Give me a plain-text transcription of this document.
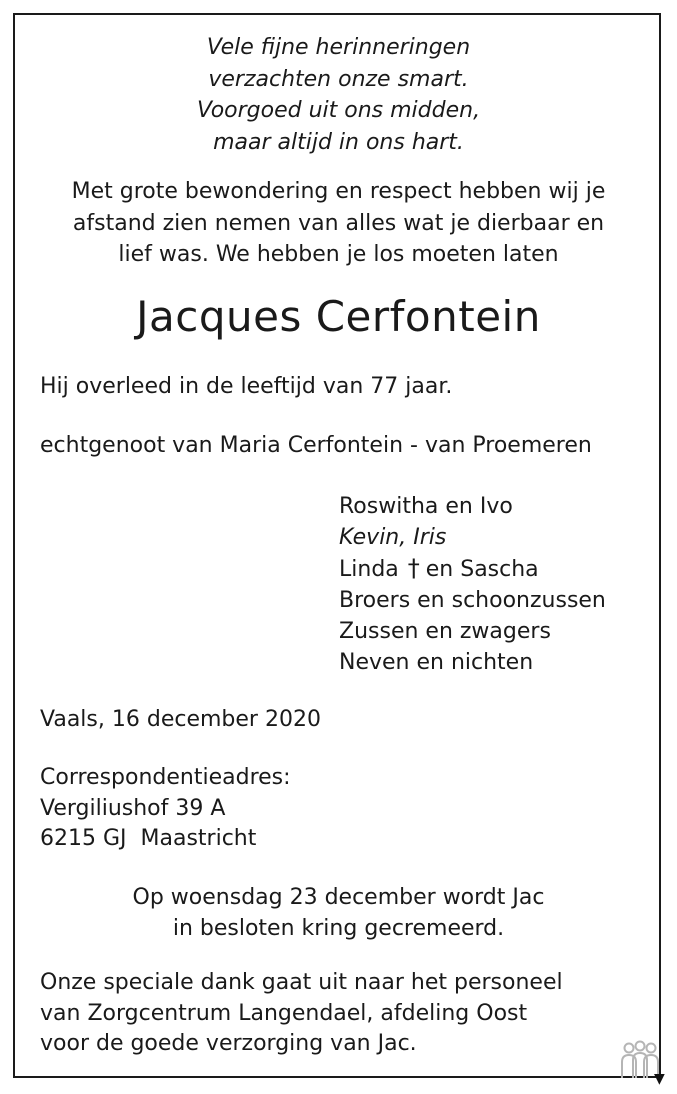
Vele fijne herinneringen
verzachten onze smart.
Voorgoed uit ons midden,
maar altijd in ons hart.
Met grote bewondering en respect hebben wij je
afstand zien nemen van alles wat je dierbaar en
lief was. We hebben je los moeten laten
Jacques Cerfontein
Hij overleed in de leeftijd van 77 jaar.
echtgenoot van Maria Cerfontein - van Proemeren
Roswitha en Ivo
Kevin, Iris
Linda † en Sascha
Broers en schoonzussen
Zussen en zwagers
Neven en nichten
Vaals, 16 december 2020
Correspondentieadres:
Vergiliushof 39 A
6215 GJ  Maastricht
Op woensdag 23 december wordt Jac
in besloten kring gecremeerd.
Onze speciale dank gaat uit naar het personeel
van Zorgcentrum Langendael, afdeling Oost
voor de goede verzorging van Jac.
▼
